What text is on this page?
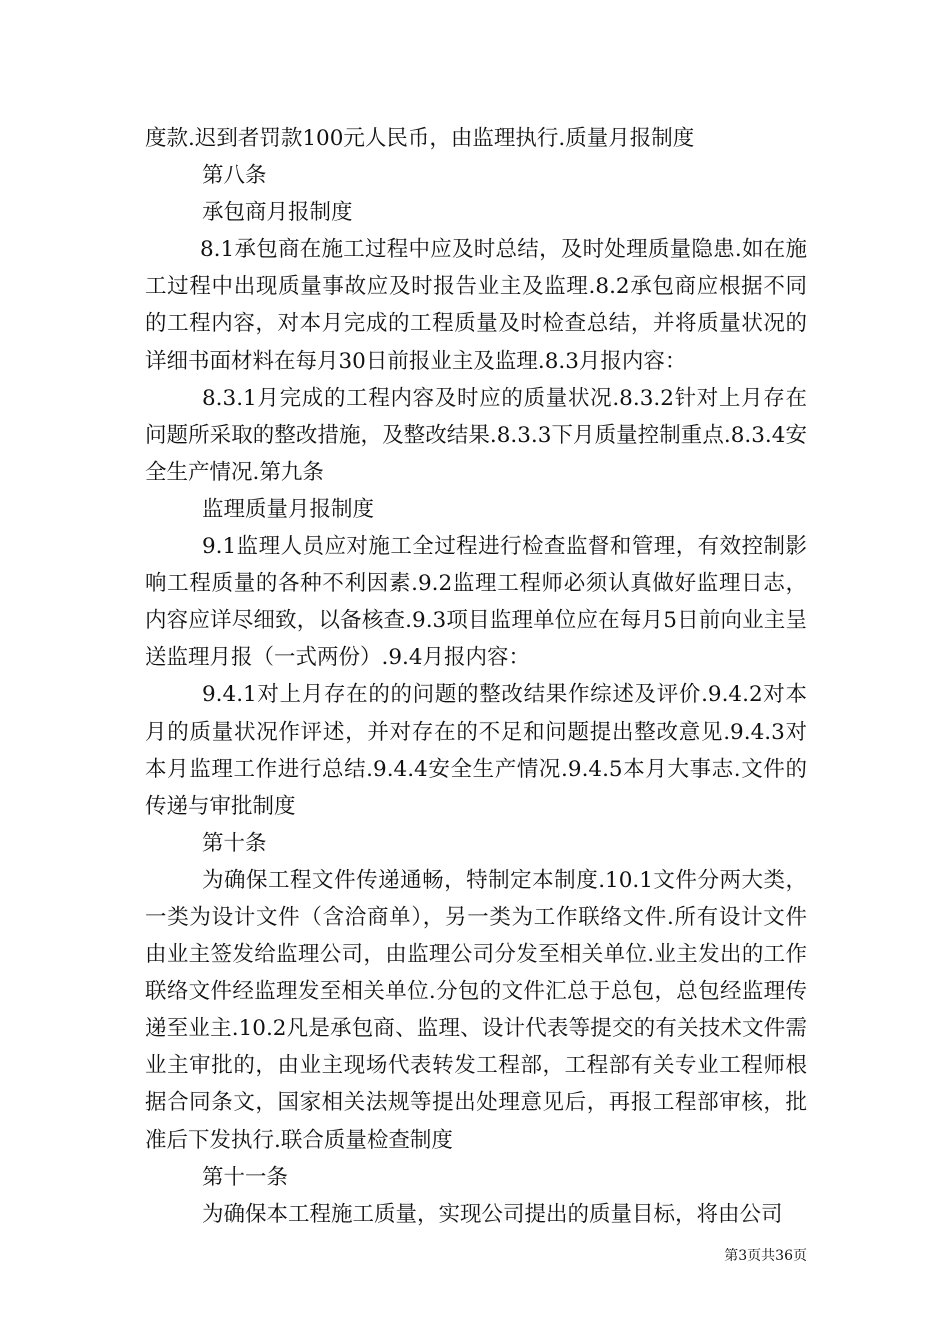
度款.迟到者罚款100元人民币，由监理执行.质量月报制度

第八条

承包商月报制度

8.1承包商在施工过程中应及时总结，及时处理质量隐患.如在施工过程中出现质量事故应及时报告业主及监理.8.2承包商应根据不同的工程内容，对本月完成的工程质量及时检查总结，并将质量状况的详细书面材料在每月30日前报业主及监理.8.3月报内容：

8.3.1月完成的工程内容及时应的质量状况.8.3.2针对上月存在问题所采取的整改措施，及整改结果.8.3.3下月质量控制重点.8.3.4安全生产情况.第九条

监理质量月报制度

9.1监理人员应对施工全过程进行检查监督和管理，有效控制影响工程质量的各种不利因素.9.2监理工程师必须认真做好监理日志，内容应详尽细致，以备核查.9.3项目监理单位应在每月5日前向业主呈送监理月报（一式两份）.9.4月报内容：

9.4.1对上月存在的的问题的整改结果作综述及评价.9.4.2对本月的质量状况作评述，并对存在的不足和问题提出整改意见.9.4.3对本月监理工作进行总结.9.4.4安全生产情况.9.4.5本月大事志.文件的传递与审批制度

第十条

为确保工程文件传递通畅，特制定本制度.10.1文件分两大类，一类为设计文件（含洽商单），另一类为工作联络文件.所有设计文件由业主签发给监理公司，由监理公司分发至相关单位.业主发出的工作联络文件经监理发至相关单位.分包的文件汇总于总包，总包经监理传递至业主.10.2凡是承包商、监理、设计代表等提交的有关技术文件需业主审批的，由业主现场代表转发工程部，工程部有关专业工程师根据合同条文，国家相关法规等提出处理意见后，再报工程部审核，批准后下发执行.联合质量检查制度

第十一条

为确保本工程施工质量，实现公司提出的质量目标，将由公司

第3页共36页
